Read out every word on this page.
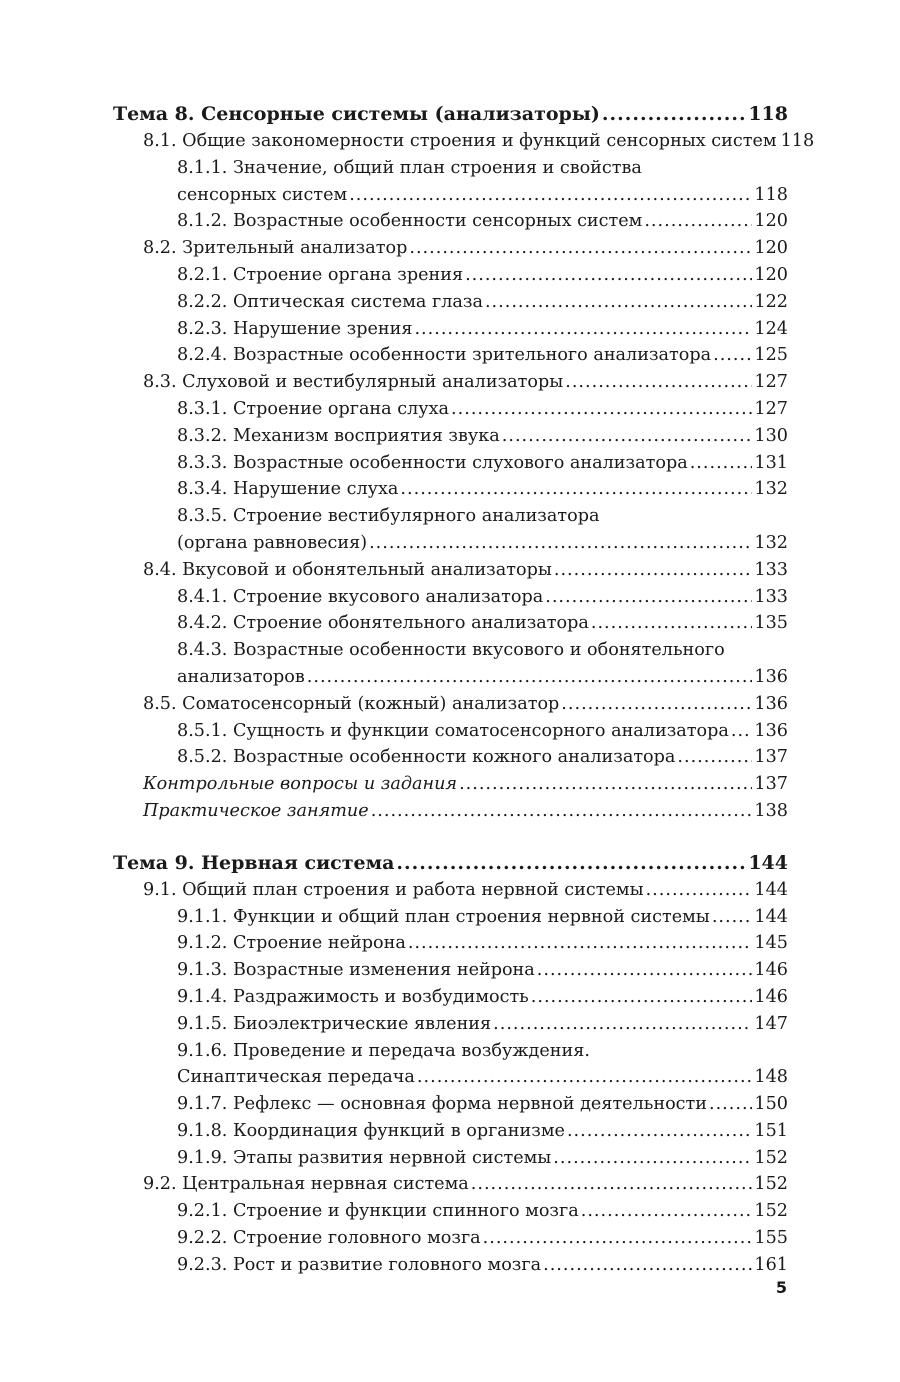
Тема 8. Сенсорные системы (анализаторы) .....	118
8.1. Общие закономерности строения и функций сенсорных систем 118
8.1.1. Значение, общий план строения и свойства
сенсорных систем .....	118
8.1.2. Возрастные особенности сенсорных систем .....	120
8.2. Зрительный анализатор .....	120
8.2.1. Строение органа зрения .....	120
8.2.2. Оптическая система глаза .....	122
8.2.3. Нарушение зрения .....	124
8.2.4. Возрастные особенности зрительного анализатора ..... 125
8.3. Слуховой и вестибулярный анализаторы .....	127
8.3.1. Строение органа слуха .....	127
8.3.2. Механизм восприятия звука .....	130
8.3.3. Возрастные особенности слухового анализатора .....	131
8.3.4. Нарушение слуха .....	132
8.3.5. Строение вестибулярного анализатора
(органа равновесия) .....	132
8.4. Вкусовой и обонятельный анализаторы .....	133
8.4.1. Строение вкусового анализатора .....	133
8.4.2. Строение обонятельного анализатора .....	135
8.4.3. Возрастные особенности вкусового и обонятельного
анализаторов .....	136
8.5. Соматосенсорный (кожный) анализатор .....	136
8.5.1. Сущность и функции соматосенсорного анализатора ..... 136
8.5.2. Возрастные особенности кожного анализатора .....	137
Контрольные вопросы и задания .....	137
Практическое занятие .....	138
Тема 9. Нервная система .....	144
9.1. Общий план строения и работа нервной системы .....	144
9.1.1. Функции и общий план строения нервной системы .....	144
9.1.2. Строение нейрона .....	145
9.1.3. Возрастные изменения нейрона .....	146
9.1.4. Раздражимость и возбудимость .....	146
9.1.5. Биоэлектрические явления .....	147
9.1.6. Проведение и передача возбуждения.
Синаптическая передача .....	148
9.1.7. Рефлекс — основная форма нервной деятельности .....	150
9.1.8. Координация функций в организме .....	151
9.1.9. Этапы развития нервной системы .....	152
9.2. Центральная нервная система .....	152
9.2.1. Строение и функции спинного мозга .....	152
9.2.2. Строение головного мозга .....	155
9.2.3. Рост и развитие головного мозга .....	161
5
